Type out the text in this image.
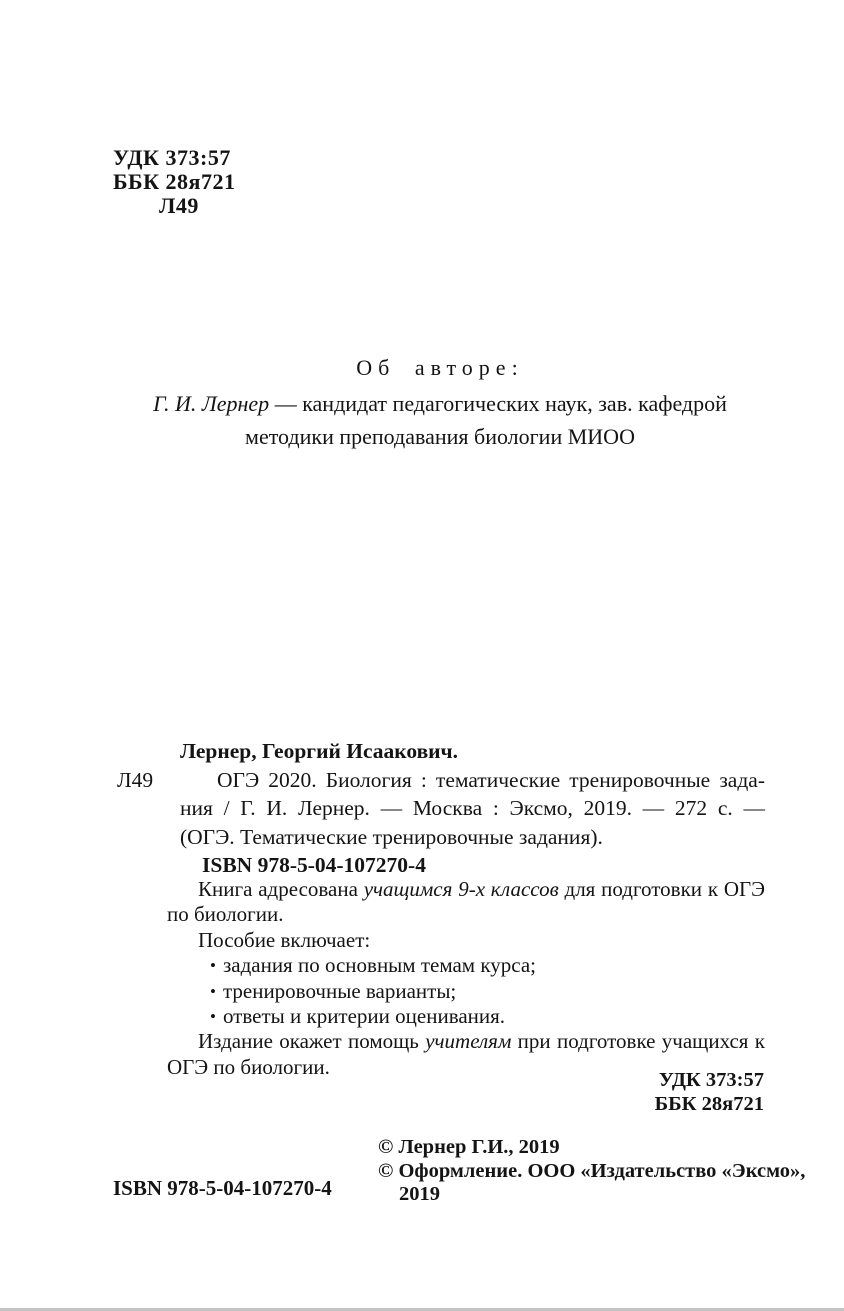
УДК 373:57
ББК 28я721
Л49
Об авторе:
Г. И. Лернер — кандидат педагогических наук, зав. кафедрой
методики преподавания биологии МИОО
Лернер, Георгий Исаакович.
Л49	ОГЭ 2020. Биология : тематические тренировочные зада-
ния / Г. И. Лернер. — Москва : Эксмо, 2019. — 272 с. —
(ОГЭ. Тематические тренировочные задания).
ISBN 978-5-04-107270-4
Книга адресована учащимся 9-х классов для подготовки к ОГЭ
по биологии.
Пособие включает:
• задания по основным темам курса;
• тренировочные варианты;
• ответы и критерии оценивания.
Издание окажет помощь учителям при подготовке учащихся к
ОГЭ по биологии.
УДК 373:57
ББК 28я721
© Лернер Г.И., 2019
© Оформление. ООО «Издательство «Эксмо»,
2019
ISBN 978-5-04-107270-4
